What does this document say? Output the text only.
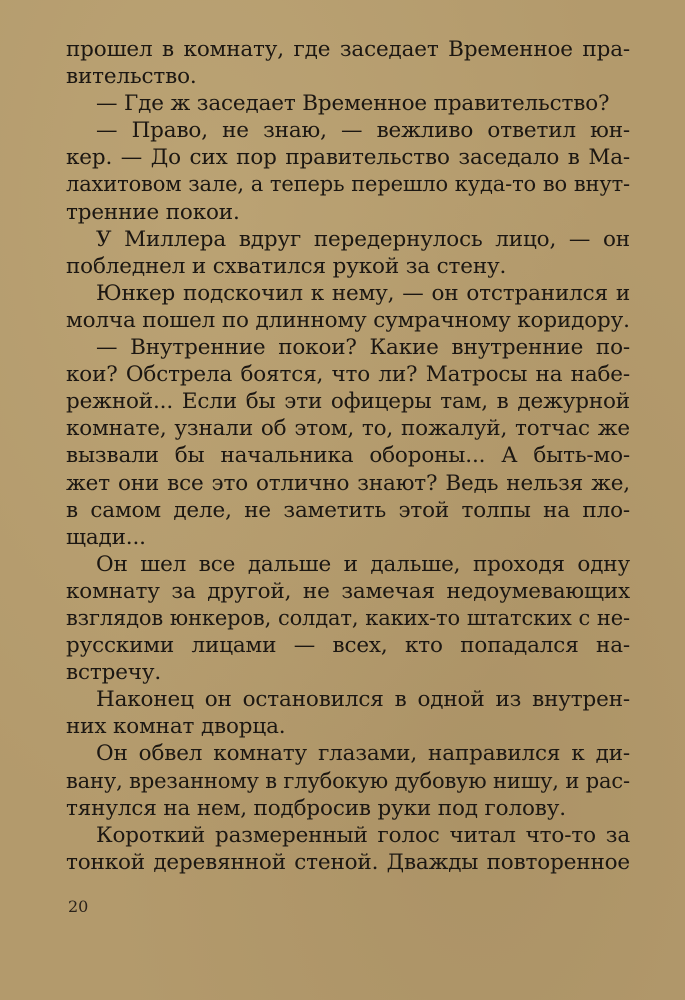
прошел в комнату, где заседает Временное пра-
вительство.
— Где ж заседает Временное правительство?
— Право, не знаю, — вежливо ответил юн-
кер. — До сих пор правительство заседало в Ма-
лахитовом зале, а теперь перешло куда-то во внут-
тренние покои.
У Миллера вдруг передернулось лицо, — он
побледнел и схватился рукой за стену.
Юнкер подскочил к нему, — он отстранился и
молча пошел по длинному сумрачному коридору.
— Внутренние покои? Какие внутренние по-
кои? Обстрела боятся, что ли? Матросы на набе-
режной... Если бы эти офицеры там, в дежурной
комнате, узнали об этом, то, пожалуй, тотчас же
вызвали бы начальника обороны... А быть-мо-
жет они все это отлично знают? Ведь нельзя же,
в самом деле, не заметить этой толпы на пло-
щади...
Он шел все дальше и дальше, проходя одну
комнату за другой, не замечая недоумевающих
взглядов юнкеров, солдат, каких-то штатских с не-
русскими лицами — всех, кто попадался на-
встречу.
Наконец он остановился в одной из внутрен-
них комнат дворца.
Он обвел комнату глазами, направился к ди-
вану, врезанному в глубокую дубовую нишу, и рас-
тянулся на нем, подбросив руки под голову.
Короткий размеренный голос читал что-то за
тонкой деревянной стеной. Дважды повторенное
20
